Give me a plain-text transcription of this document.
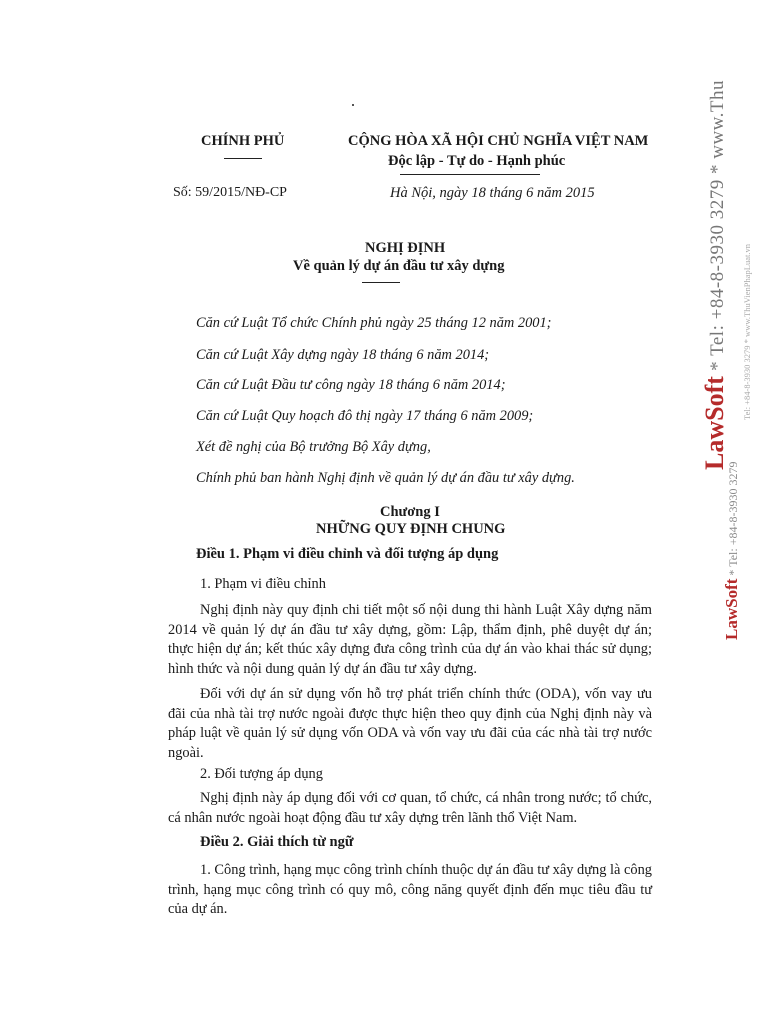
CHÍNH PHỦ	CỘNG HÒA XÃ HỘI CHỦ NGHĨA VIỆT NAM
Độc lập - Tự do - Hạnh phúc
Số: 59/2015/NĐ-CP	Hà Nội, ngày 18 tháng 6 năm 2015
NGHỊ ĐỊNH
Về quản lý dự án đầu tư xây dựng
Căn cứ Luật Tổ chức Chính phủ ngày 25 tháng 12 năm 2001;
Căn cứ Luật Xây dựng ngày 18 tháng 6 năm 2014;
Căn cứ Luật Đầu tư công ngày 18 tháng 6 năm 2014;
Căn cứ Luật Quy hoạch đô thị ngày 17 tháng 6 năm 2009;
Xét đề nghị của Bộ trưởng Bộ Xây dựng,
Chính phủ ban hành Nghị định về quản lý dự án đầu tư xây dựng.
Chương I
NHỮNG QUY ĐỊNH CHUNG
Điều 1. Phạm vi điều chỉnh và đối tượng áp dụng
1. Phạm vi điều chỉnh
Nghị định này quy định chi tiết một số nội dung thi hành Luật Xây dựng năm 2014 về quản lý dự án đầu tư xây dựng, gồm: Lập, thẩm định, phê duyệt dự án; thực hiện dự án; kết thúc xây dựng đưa công trình của dự án vào khai thác sử dụng; hình thức và nội dung quản lý dự án đầu tư xây dựng.
Đối với dự án sử dụng vốn hỗ trợ phát triển chính thức (ODA), vốn vay ưu đãi của nhà tài trợ nước ngoài được thực hiện theo quy định của Nghị định này và pháp luật về quản lý sử dụng vốn ODA và vốn vay ưu đãi của các nhà tài trợ nước ngoài.
2. Đối tượng áp dụng
Nghị định này áp dụng đối với cơ quan, tổ chức, cá nhân trong nước; tổ chức, cá nhân nước ngoài hoạt động đầu tư xây dựng trên lãnh thổ Việt Nam.
Điều 2. Giải thích từ ngữ
1. Công trình, hạng mục công trình chính thuộc dự án đầu tư xây dựng là công trình, hạng mục công trình có quy mô, công năng quyết định đến mục tiêu đầu tư của dự án.
LawSoft * Tel: +84-8-3930 3279 * www.Thu
LawSoft * Tel: +84-8-3930 3279
Tel: +84-8-3930 3279 * www.ThuVienPhapLuat.vn
